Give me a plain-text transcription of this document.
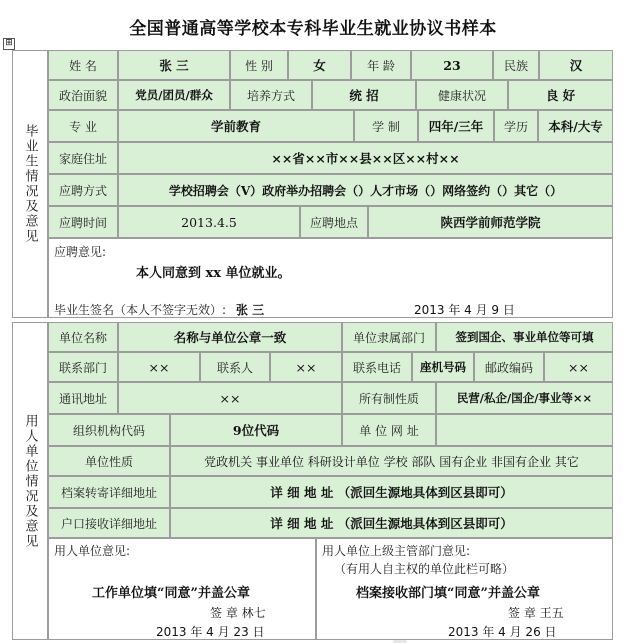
全国普通高等学校本专科毕业生就业协议书样本
⊞
毕业生情况及意见
姓 名	张 三	性 别	女	年 龄	23	民族	汉
政治面貌	党员/团员/群众	培养方式	统 招	健康状况	良 好
专 业	学前教育	学 制	四年/三年	学历	本科/大专
家庭住址	××省××市××县××区××村××
应聘方式	学校招聘会（V）政府举办招聘会（）人才市场（）网络签约（）其它（）
应聘时间	2013.4.5	应聘地点	陕西学前师范学院
应聘意见:
本人同意到 xx 单位就业。
毕业生签名（本人不签字无效）: 张 三	2013 年 4 月 9 日
用人单位情况及意见
单位名称	名称与单位公章一致	单位隶属部门	签到国企、事业单位等可填
联系部门	××	联系人	××	联系电话	座机号码	邮政编码	××
通讯地址	××	所有制性质	民营/私企/国企/事业等××
组织机构代码	9位代码	单 位 网 址
单位性质	党政机关 事业单位 科研设计单位 学校 部队 国有企业 非国有企业 其它
档案转寄详细地址	详 细 地 址 （派回生源地具体到区县即可）
户口接收详细地址	详 细 地 址 （派回生源地具体到区县即可）
用人单位意见:
工作单位填“同意”并盖公章
签 章 林七
2013 年 4 月 23 日
用人单位上级主管部门意见:
（有用人自主权的单位此栏可略）
档案接收部门填“同意”并盖公章
签 章 王五
2013 年 4 月 26 日
